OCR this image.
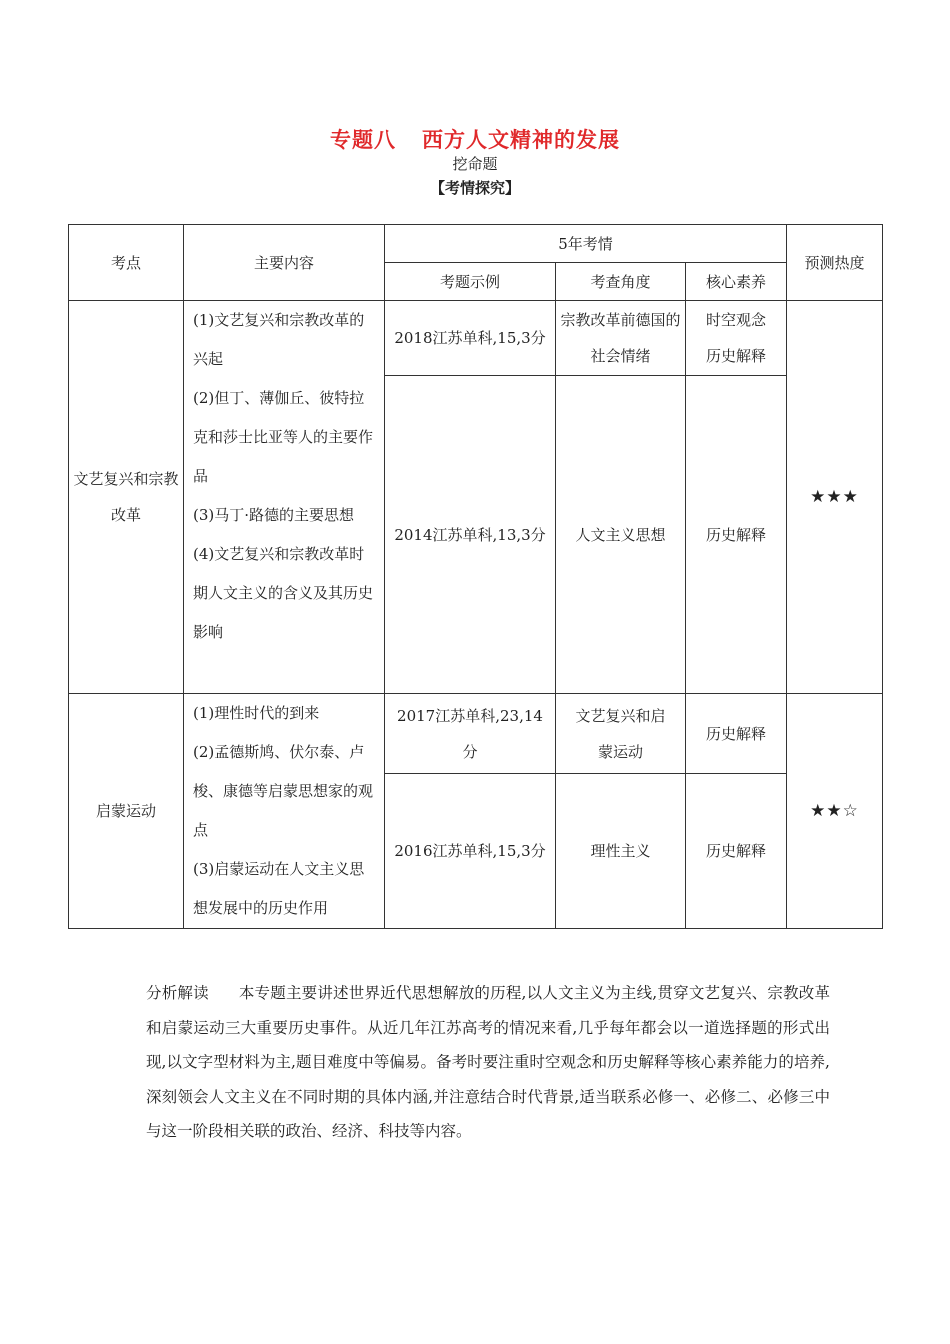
专题八 西方人文精神的发展
挖命题
【考情探究】
考点	主要内容	5年考情			预测热度
		考题示例	考查角度	核心素养	
文艺复兴和宗教改革	(1)文艺复兴和宗教改革的兴起
(2)但丁、薄伽丘、彼特拉克和莎士比亚等人的主要作品
(3)马丁·路德的主要思想
(4)文艺复兴和宗教改革时期人文主义的含义及其历史影响	2018江苏单科,15,3分	宗教改革前德国的社会情绪	时空观念历史解释	★★★
		2014江苏单科,13,3分	人文主义思想	历史解释	
启蒙运动	(1)理性时代的到来
(2)孟德斯鸠、伏尔泰、卢梭、康德等启蒙思想家的观点
(3)启蒙运动在人文主义思想发展中的历史作用	2017江苏单科,23,14分	文艺复兴和启蒙运动	历史解释	★★☆
		2016江苏单科,15,3分	理性主义	历史解释	
分析解读 本专题主要讲述世界近代思想解放的历程,以人文主义为主线,贯穿文艺复兴、宗教改革和启蒙运动三大重要历史事件。从近几年江苏高考的情况来看,几乎每年都会以一道选择题的形式出现,以文字型材料为主,题目难度中等偏易。备考时要注重时空观念和历史解释等核心素养能力的培养,深刻领会人文主义在不同时期的具体内涵,并注意结合时代背景,适当联系必修一、必修二、必修三中与这一阶段相关联的政治、经济、科技等内容。
